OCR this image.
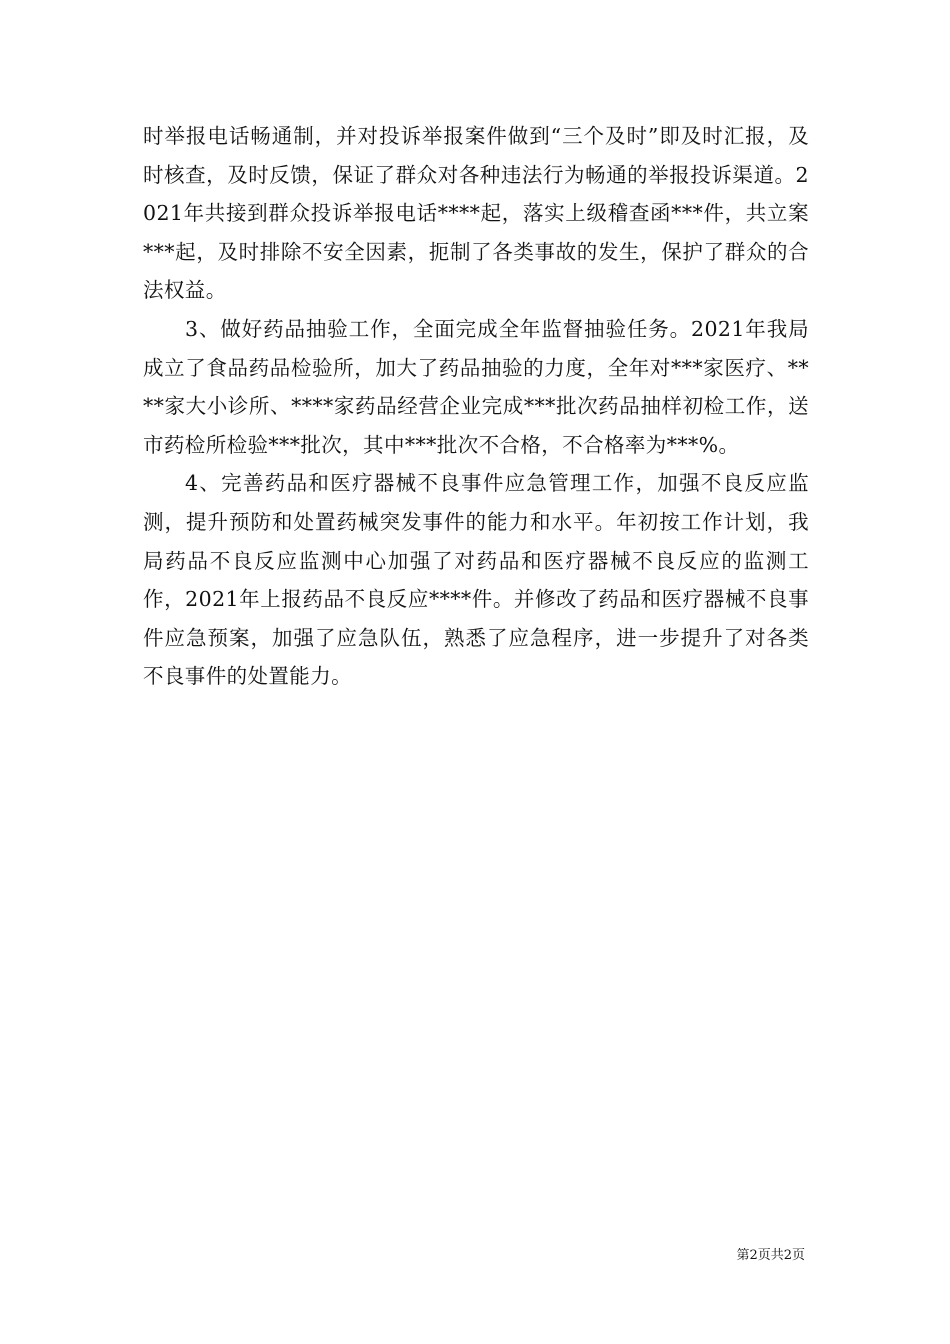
时举报电话畅通制，并对投诉举报案件做到“三个及时”即及时汇报，及时核查，及时反馈，保证了群众对各种违法行为畅通的举报投诉渠道。2021年共接到群众投诉举报电话****起，落实上级稽查函***件，共立案***起，及时排除不安全因素，扼制了各类事故的发生，保护了群众的合法权益。

3、做好药品抽验工作，全面完成全年监督抽验任务。2021年我局成立了食品药品检验所，加大了药品抽验的力度，全年对***家医疗、****家大小诊所、****家药品经营企业完成***批次药品抽样初检工作，送市药检所检验***批次，其中***批次不合格，不合格率为***%。

4、完善药品和医疗器械不良事件应急管理工作，加强不良反应监测，提升预防和处置药械突发事件的能力和水平。年初按工作计划，我局药品不良反应监测中心加强了对药品和医疗器械不良反应的监测工作，2021年上报药品不良反应****件。并修改了药品和医疗器械不良事件应急预案，加强了应急队伍，熟悉了应急程序，进一步提升了对各类不良事件的处置能力。

第2页共2页
